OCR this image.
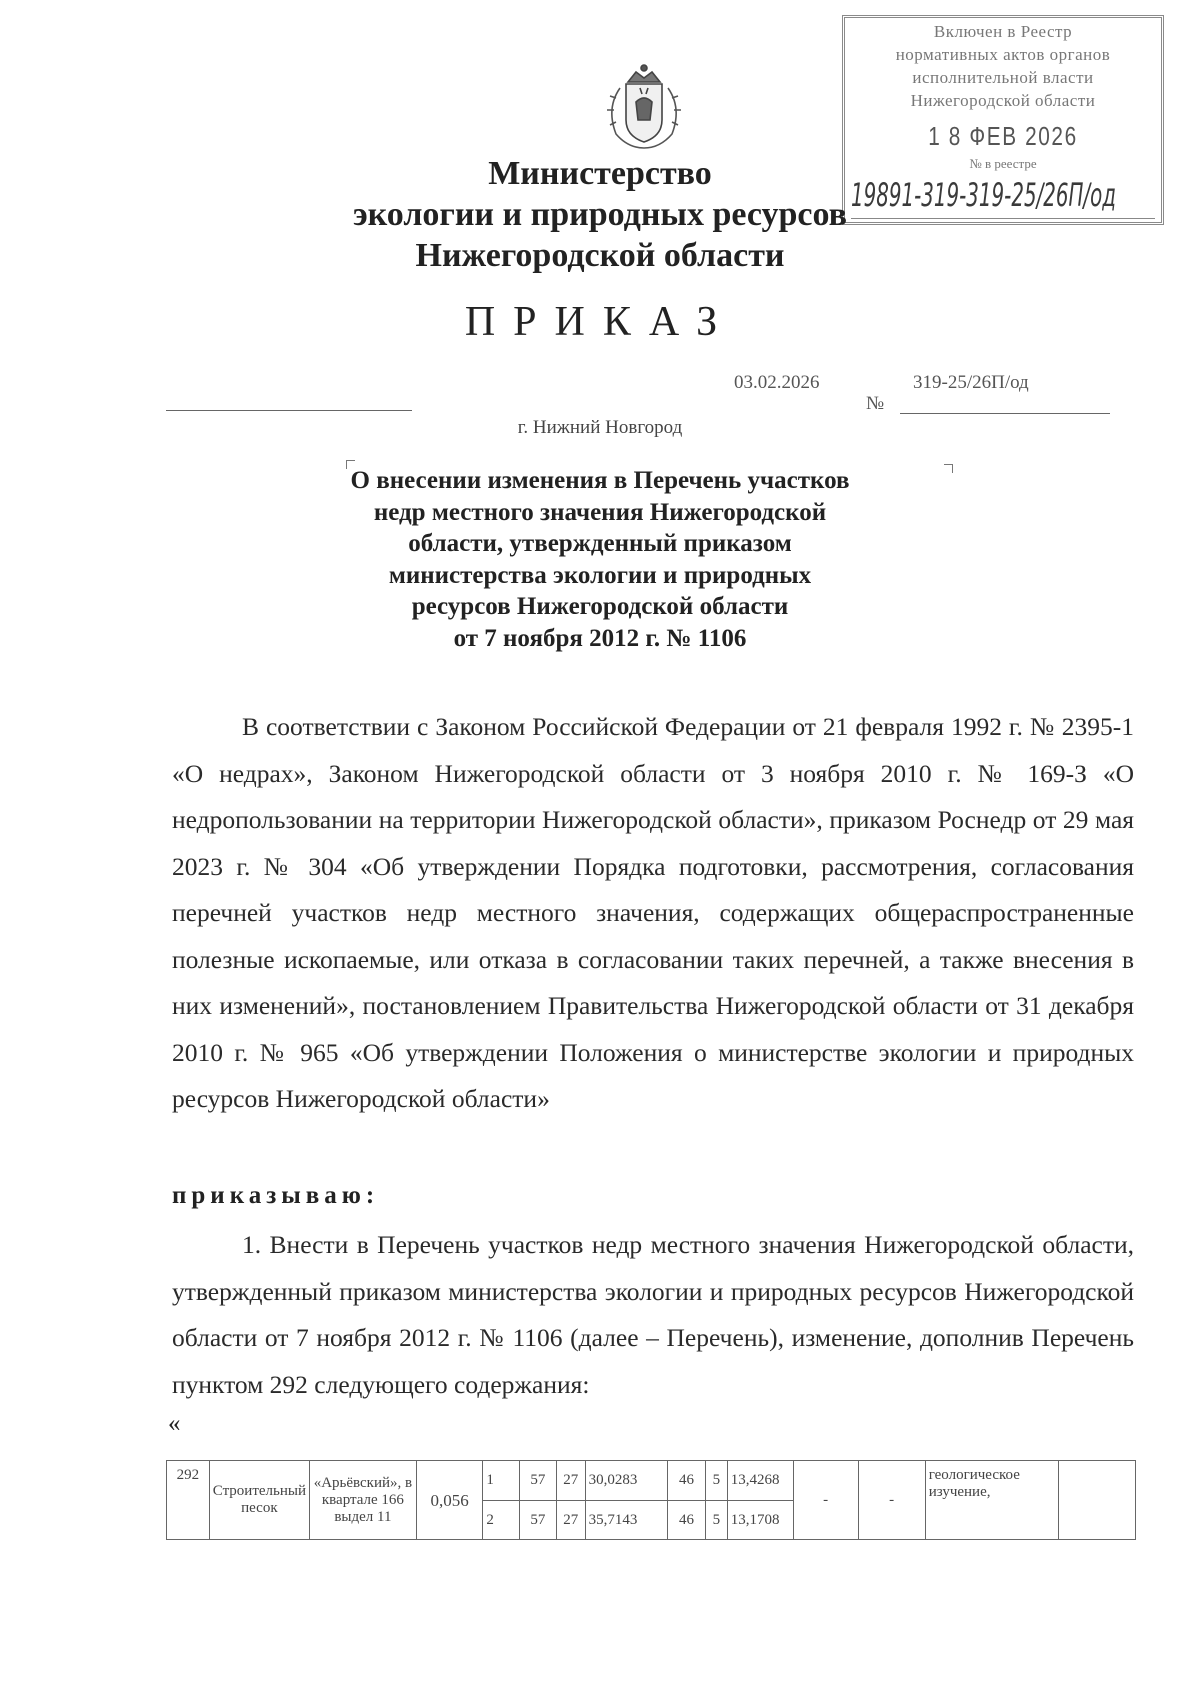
Включен в Реестр
нормативных актов органов
исполнительной власти
Нижегородской области
1 8 ФЕВ 2026
№ в реестре
19891-319-319-25/26П/од
Министерство
экологии и природных ресурсов
Нижегородской области
ПРИКАЗ
03.02.2026
№
319-25/26П/од
г. Нижний Новгород
О внесении изменения в Перечень участков
недр местного значения Нижегородской
области, утвержденный приказом
министерства экологии и природных
ресурсов Нижегородской области
от 7 ноября 2012 г. № 1106
В соответствии с Законом Российской Федерации от 21 февраля 1992 г. № 2395-1 «О недрах», Законом Нижегородской области от 3 ноября 2010 г. № 169-З «О недропользовании на территории Нижегородской области», приказом Роснедр от 29 мая 2023 г. № 304 «Об утверждении Порядка подготовки, рассмотрения, согласования перечней участков недр местного значения, содержащих общераспространенные полезные ископаемые, или отказа в согласовании таких перечней, а также внесения в них изменений», постановлением Правительства Нижегородской области от 31 декабря 2010 г. № 965 «Об утверждении Положения о министерстве экологии и природных ресурсов Нижегородской области»
приказываю:
1. Внести в Перечень участков недр местного значения Нижегородской области, утвержденный приказом министерства экологии и природных ресурсов Нижегородской области от 7 ноября 2012 г. № 1106 (далее – Перечень), изменение, дополнив Перечень пунктом 292 следующего содержания:
«
292	Строительный песок	«Арьёвский», в квартале 166 выдел 11	0,056	1	57	27	30,0283	46	5	13,4268	-	-	геологическое изучение,	
				2	57	27	35,7143	46	5	13,1708				
